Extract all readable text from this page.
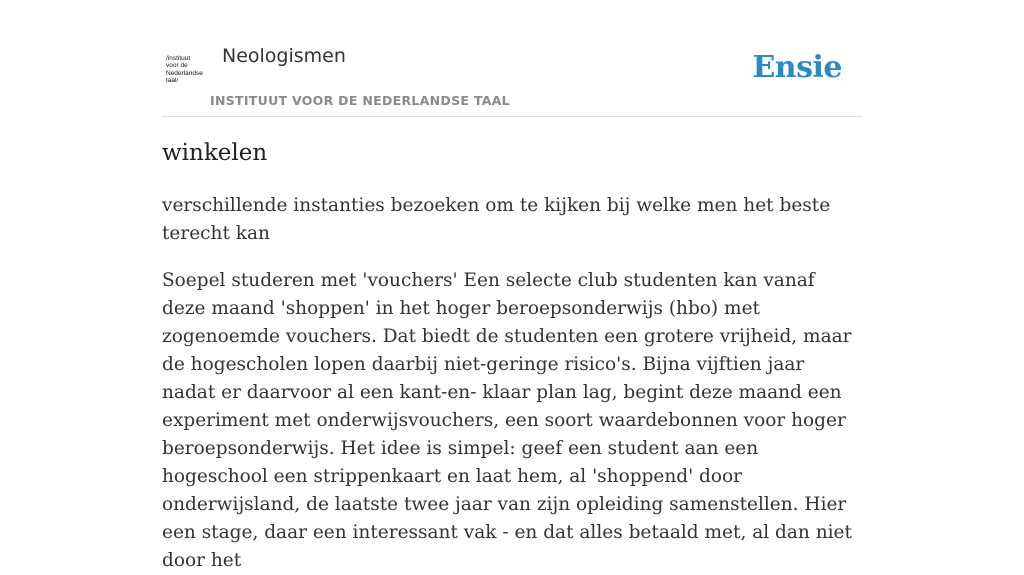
/instituut
voor de
Nederlandse
taal/
Neologismen
INSTITUUT VOOR DE NEDERLANDSE TAAL
Ensie
winkelen

verschillende instanties bezoeken om te kijken bij welke men het beste terecht kan

Soepel studeren met 'vouchers' Een selecte club studenten kan vanaf deze maand 'shoppen' in het hoger beroepsonderwijs (hbo) met zogenoemde vouchers. Dat biedt de studenten een grotere vrijheid, maar de hogescholen lopen daarbij niet-geringe risico's. Bijna vijftien jaar nadat er daarvoor al een kant-en- klaar plan lag, begint deze maand een experiment met onderwijsvouchers, een soort waardebonnen voor hoger beroepsonderwijs. Het idee is simpel: geef een student aan een hogeschool een strippenkaart en laat hem, al 'shoppend' door onderwijsland, de laatste twee jaar van zijn opleiding samenstellen. Hier een stage, daar een interessant vak - en dat alles betaald met, al dan niet door het
